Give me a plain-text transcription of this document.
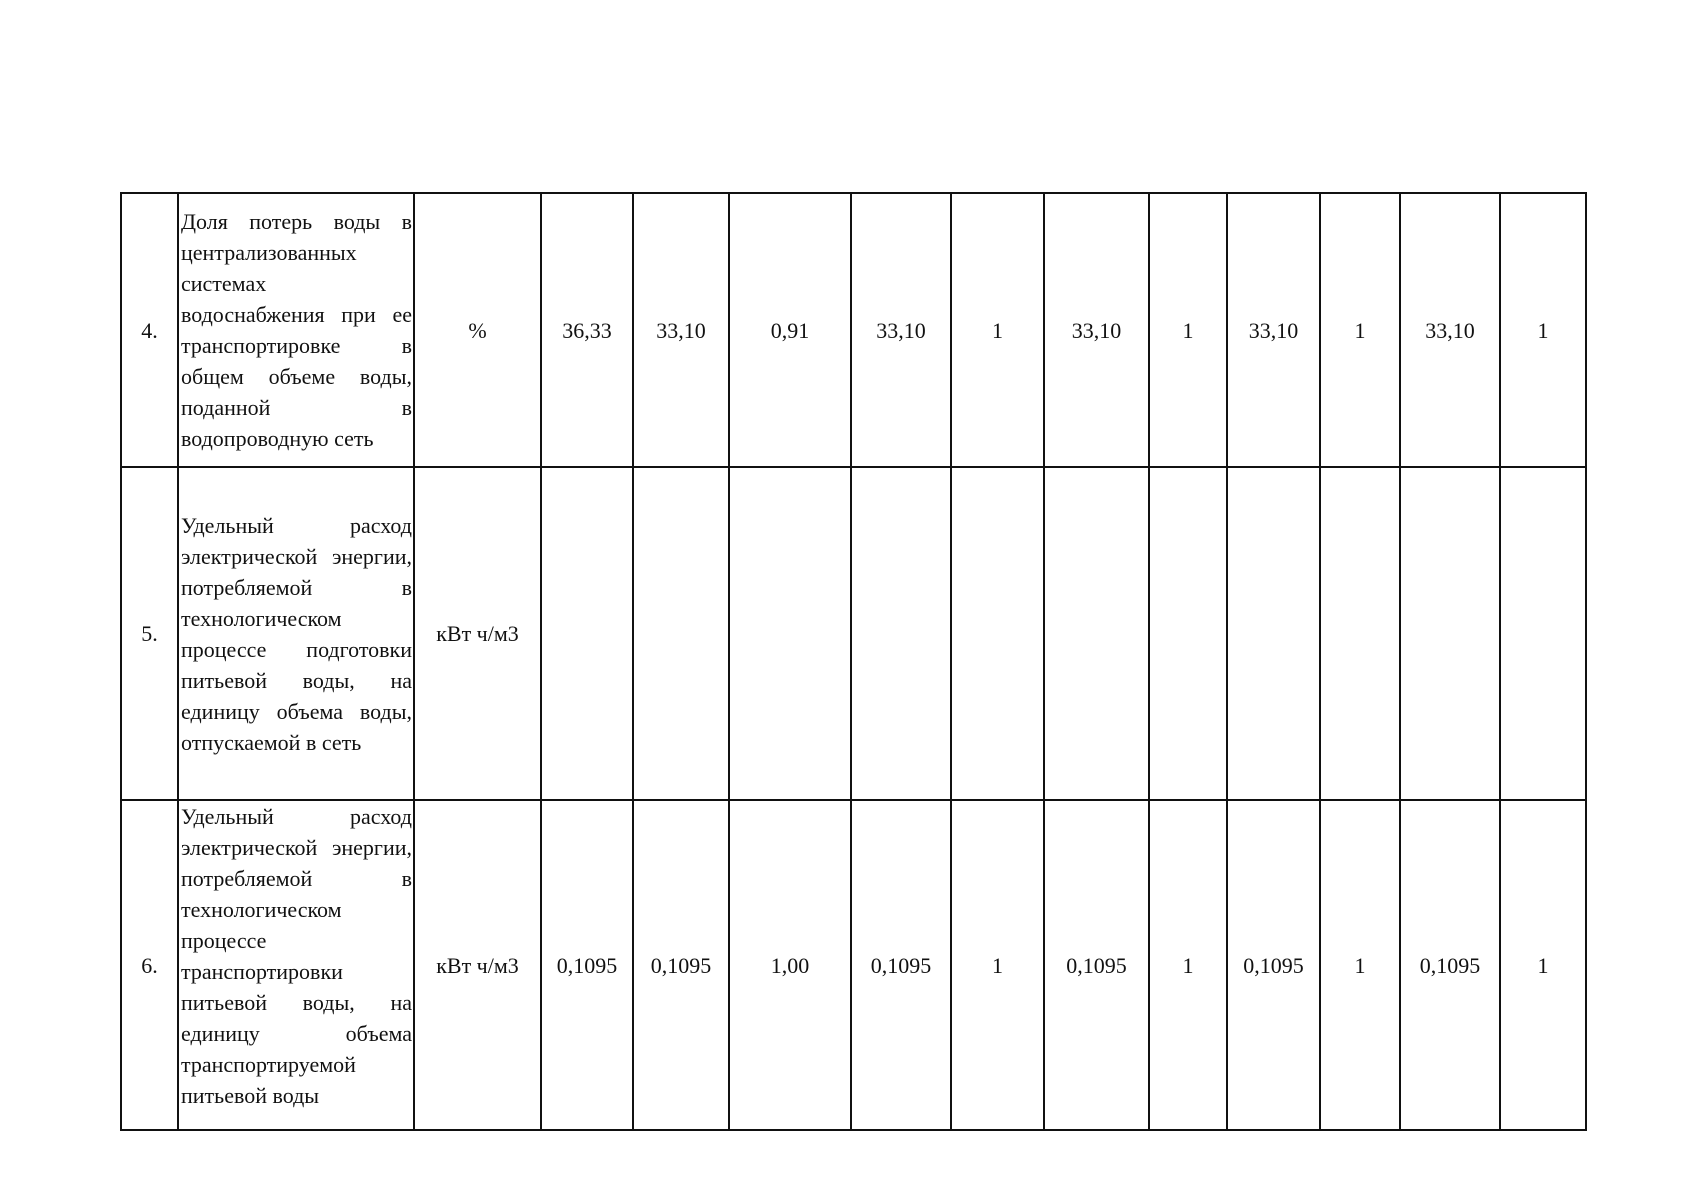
4.	Доля потерь воды в централизованных системах водоснабжения при ее транспортировке в общем объеме воды, поданной в водопроводную сеть	%	36,33	33,10	0,91	33,10	1	33,10	1	33,10	1	33,10	1
5.	Удельный расход электрической энергии, потребляемой в технологическом процессе подготовки питьевой воды, на единицу объема воды, отпускаемой в сеть	кВт ч/м3											
6.	Удельный расход электрической энергии, потребляемой в технологическом процессе транспортировки питьевой воды, на единицу объема транспортируемой питьевой воды	кВт ч/м3	0,1095	0,1095	1,00	0,1095	1	0,1095	1	0,1095	1	0,1095	1
